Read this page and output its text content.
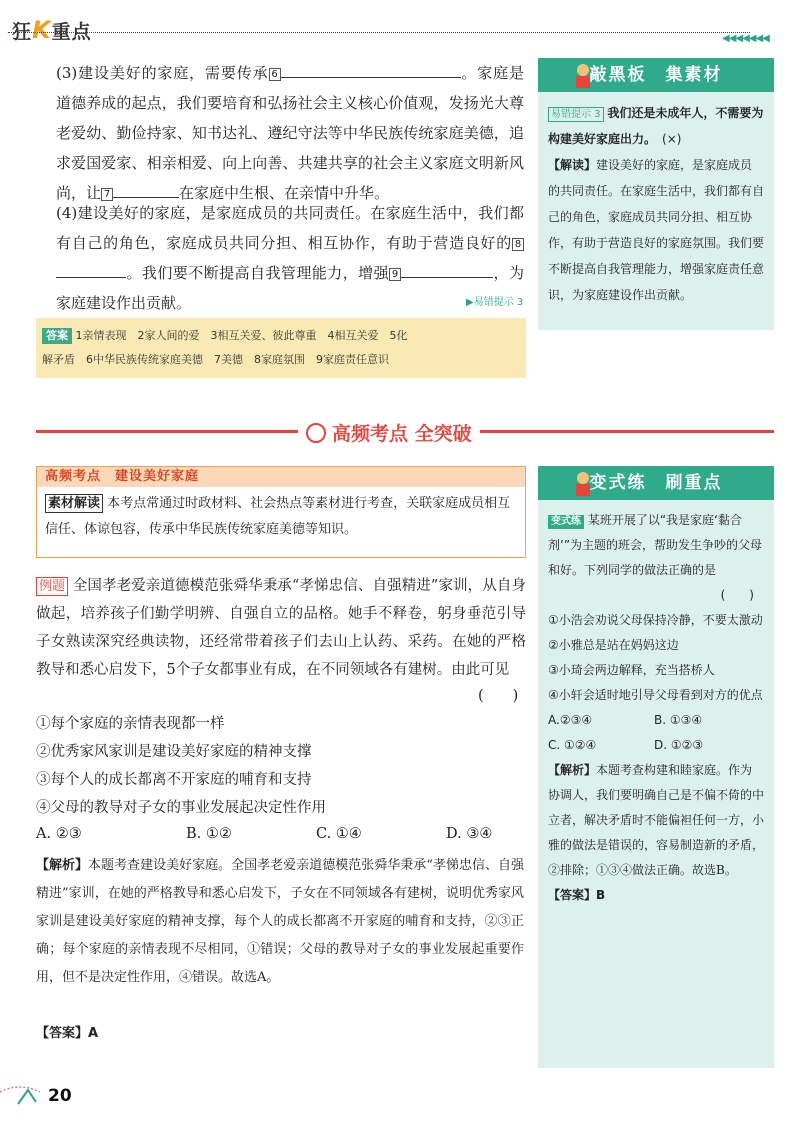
狂K重点	◀◀◀◀◀◀◀
(3)建设美好的家庭，需要传承 6	。家庭是道德养成的起点，我们要培育和弘扬社会主义核心价值观，发扬光大尊老爱幼、勤俭持家、知书达礼、遵纪守法等中华民族传统家庭美德，追求爱国爱家、相亲相爱、向上向善、共建共享的社会主义家庭文明新风尚，让 7	在家庭中生根、在亲情中升华。
(4)建设美好的家庭，是家庭成员的共同责任。在家庭生活中，我们都有自己的角色，家庭成员共同分担、相互协作，有助于营造良好的 8。我们要不断提高自我管理能力，增强 9	，为家庭建设作出贡献。	▶易错提示 3
答案 1亲情表现　2家人间的爱　3相互关爱、彼此尊重　4相互关爱　5化
解矛盾　6中华民族传统家庭美德　7美德　8家庭氛围　9家庭责任意识
敲黑板　集素材
易错提示 3 我们还是未成年人，不需要为构建美好家庭出力。　 (×)
【解读】建设美好的家庭，是家庭成员的共同责任。在家庭生活中，我们都有自己的角色，家庭成员共同分担、相互协作，有助于营造良好的家庭氛围。我们要不断提高自我管理能力，增强家庭责任意识，为家庭建设作出贡献。
高频考点 全突破
高频考点　建设美好家庭
素材解读 本考点常通过时政材料、社会热点等素材进行考查，关联家庭成员相互信任、体谅包容，传承中华民族传统家庭美德等知识。
例题 全国孝老爱亲道德模范张舜华秉承“孝悌忠信、自强精进”家训，从自身做起，培养孩子们勤学明辨、自强自立的品格。她手不释卷，躬身垂范引导子女熟读深究经典读物，还经常带着孩子们去山上认药、采药。在她的严格教导和悉心启发下，5个子女都事业有成，在不同领域各有建树。由此可见
(　　)
①每个家庭的亲情表现都一样
②优秀家风家训是建设美好家庭的精神支撑
③每个人的成长都离不开家庭的哺育和支持
④父母的教导对子女的事业发展起决定性作用
A. ②③	B. ①②	C. ①④	D. ③④
【解析】本题考查建设美好家庭。全国孝老爱亲道德模范张舜华秉承“孝悌忠信、自强精进”家训，在她的严格教导和悉心启发下，子女在不同领域各有建树，说明优秀家风家训是建设美好家庭的精神支撑，每个人的成长都离不开家庭的哺育和支持，②③正确；每个家庭的亲情表现不尽相同，①错误；父母的教导对子女的事业发展起重要作用，但不是决定性作用，④错误。故选A。
【答案】A
变式练　刷重点
变式练 某班开展了以“我是家庭‘黏合剂’”为主题的班会，帮助发生争吵的父母和好。下列同学的做法正确的是
(　　)
①小浩会劝说父母保持冷静，不要太激动
②小雅总是站在妈妈这边
③小琦会两边解释，充当搭桥人
④小轩会适时地引导父母看到对方的优点
A.②③④	B. ①③④
C. ①②④	D. ①②③
【解析】本题考查构建和睦家庭。作为协调人，我们要明确自己是不偏不倚的中立者，解决矛盾时不能偏袒任何一方，小雅的做法是错误的，容易制造新的矛盾，②排除；①③④做法正确。故选B。
【答案】B
20
